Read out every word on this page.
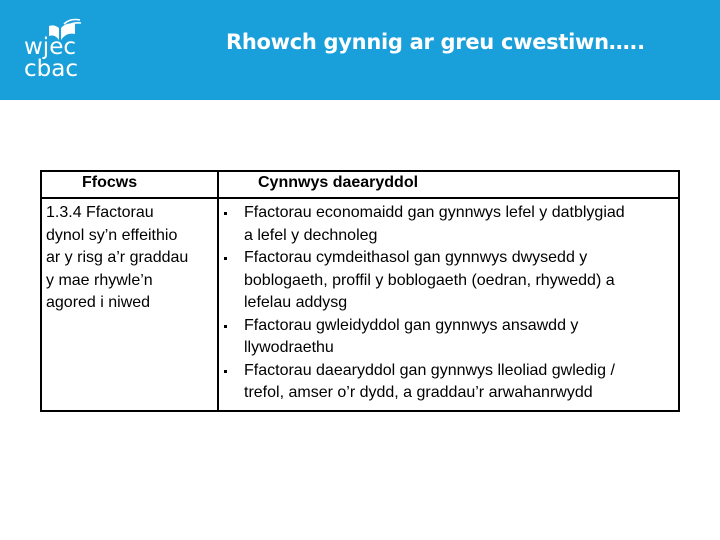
wjec
cbac
Rhowch gynnig ar greu cwestiwn…..
Ffocws	Cynnwys daearyddol
1.3.4 Ffactorau
dynol sy’n effeithio
ar y risg a’r graddau
y mae rhywle’n
agored i niwed
Ffactorau economaidd gan gynnwys lefel y datblygiad
a lefel y dechnoleg
Ffactorau cymdeithasol gan gynnwys dwysedd y
boblogaeth, proffil y boblogaeth (oedran, rhywedd) a
lefelau addysg
Ffactorau gwleidyddol gan gynnwys ansawdd y
llywodraethu
Ffactorau daearyddol gan gynnwys lleoliad gwledig /
trefol, amser o’r dydd, a graddau’r arwahanrwydd
